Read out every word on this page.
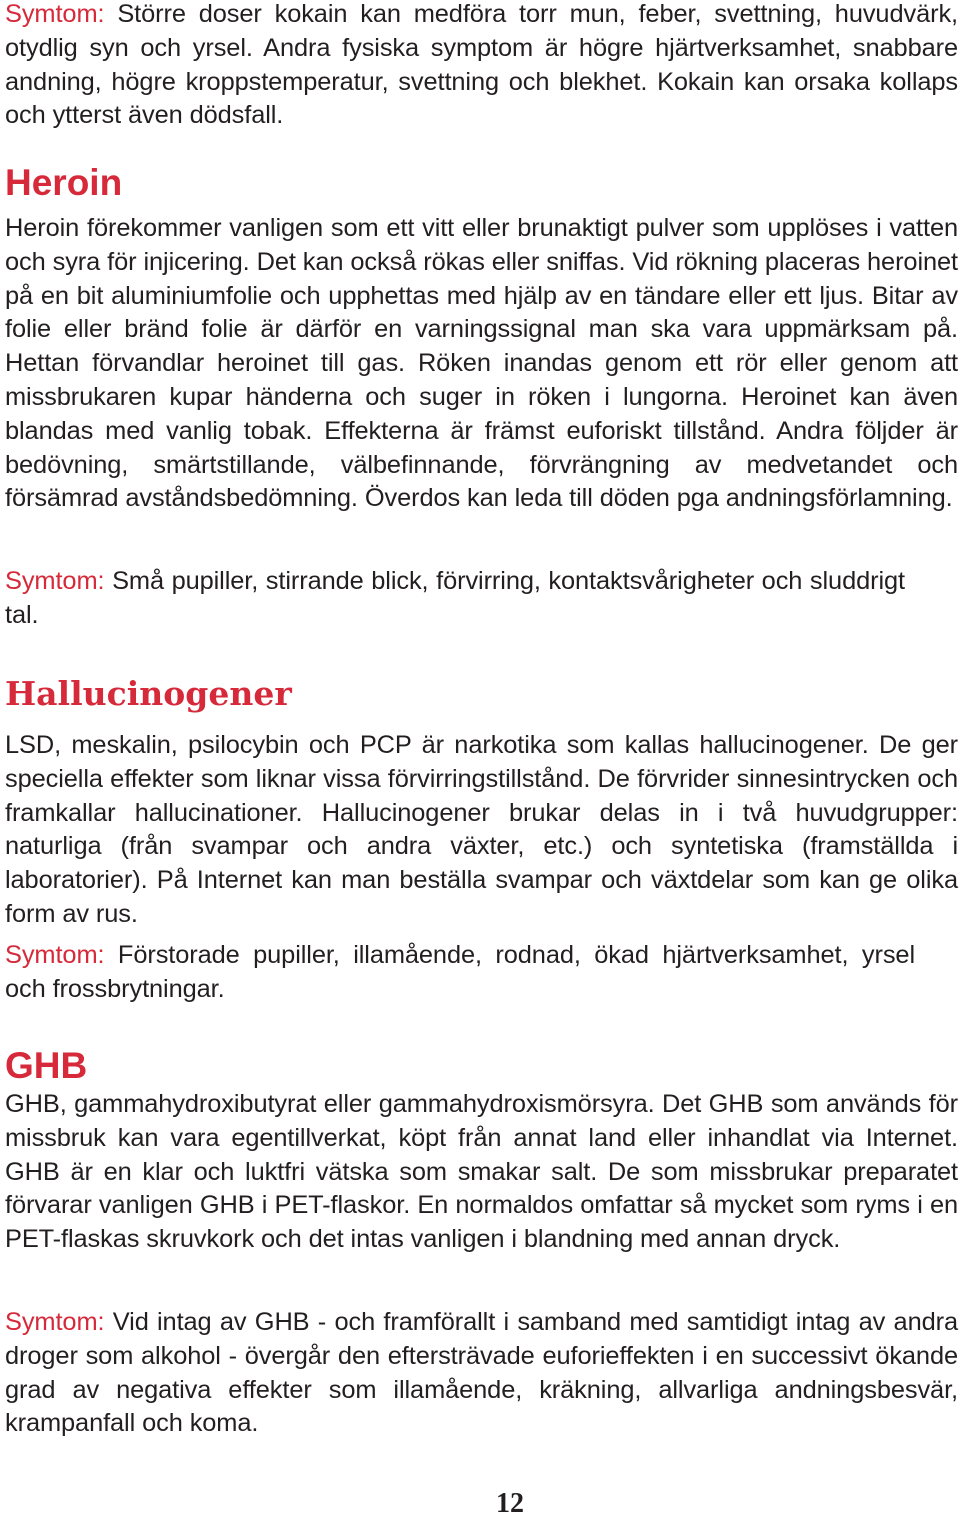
Symtom: Större doser kokain kan medföra torr mun, feber, svettning, huvudvärk, otydlig syn och yrsel. Andra fysiska symptom är högre hjärtverksamhet, snabbare andning, högre kroppstemperatur, svettning och blekhet. Kokain kan orsaka kollaps och ytterst även dödsfall.

Heroin

Heroin förekommer vanligen som ett vitt eller brunaktigt pulver som upplöses i vatten och syra för injicering. Det kan också rökas eller sniffas. Vid rökning placeras heroinet på en bit aluminiumfolie och upphettas med hjälp av en tändare eller ett ljus. Bitar av folie eller bränd folie är därför en varningssignal man ska vara uppmärksam på. Hettan förvandlar heroinet till gas. Röken inandas genom ett rör eller genom att missbrukaren kupar händerna och suger in röken i lungorna. Heroinet kan även blandas med vanlig tobak. Effekterna är främst euforiskt tillstånd. Andra följder är bedövning, smärtstillande, välbefinnande, förvrängning av medvetandet och försämrad avståndsbedömning. Överdos kan leda till döden pga andningsförlamning.

Symtom: Små pupiller, stirrande blick, förvirring, kontaktsvårigheter och sluddrigt tal.

Hallucinogener

LSD, meskalin, psilocybin och PCP är narkotika som kallas hallucinogener. De ger speciella effekter som liknar vissa förvirringstillstånd. De förvrider sinnesintrycken och framkallar hallucinationer. Hallucinogener brukar delas in i två huvudgrupper: naturliga (från svampar och andra växter, etc.) och syntetiska (framställda i laboratorier). På Internet kan man beställa svampar och växtdelar som kan ge olika form av rus.

Symtom: Förstorade pupiller, illamående, rodnad, ökad hjärtverksamhet, yrsel och frossbrytningar.

GHB

GHB, gammahydroxibutyrat eller gammahydroxismörsyra. Det GHB som används för missbruk kan vara egentillverkat, köpt från annat land eller inhandlat via Internet. GHB är en klar och luktfri vätska som smakar salt. De som missbrukar preparatet förvarar vanligen GHB i PET-flaskor. En normaldos omfattar så mycket som ryms i en PET-flaskas skruvkork och det intas vanligen i blandning med annan dryck.

Symtom: Vid intag av GHB - och framförallt i samband med samtidigt intag av andra droger som alkohol - övergår den eftersträvade euforieffekten i en successivt ökande grad av negativa effekter som illamående, kräkning, allvarliga andningsbesvär, krampanfall och koma.

12
